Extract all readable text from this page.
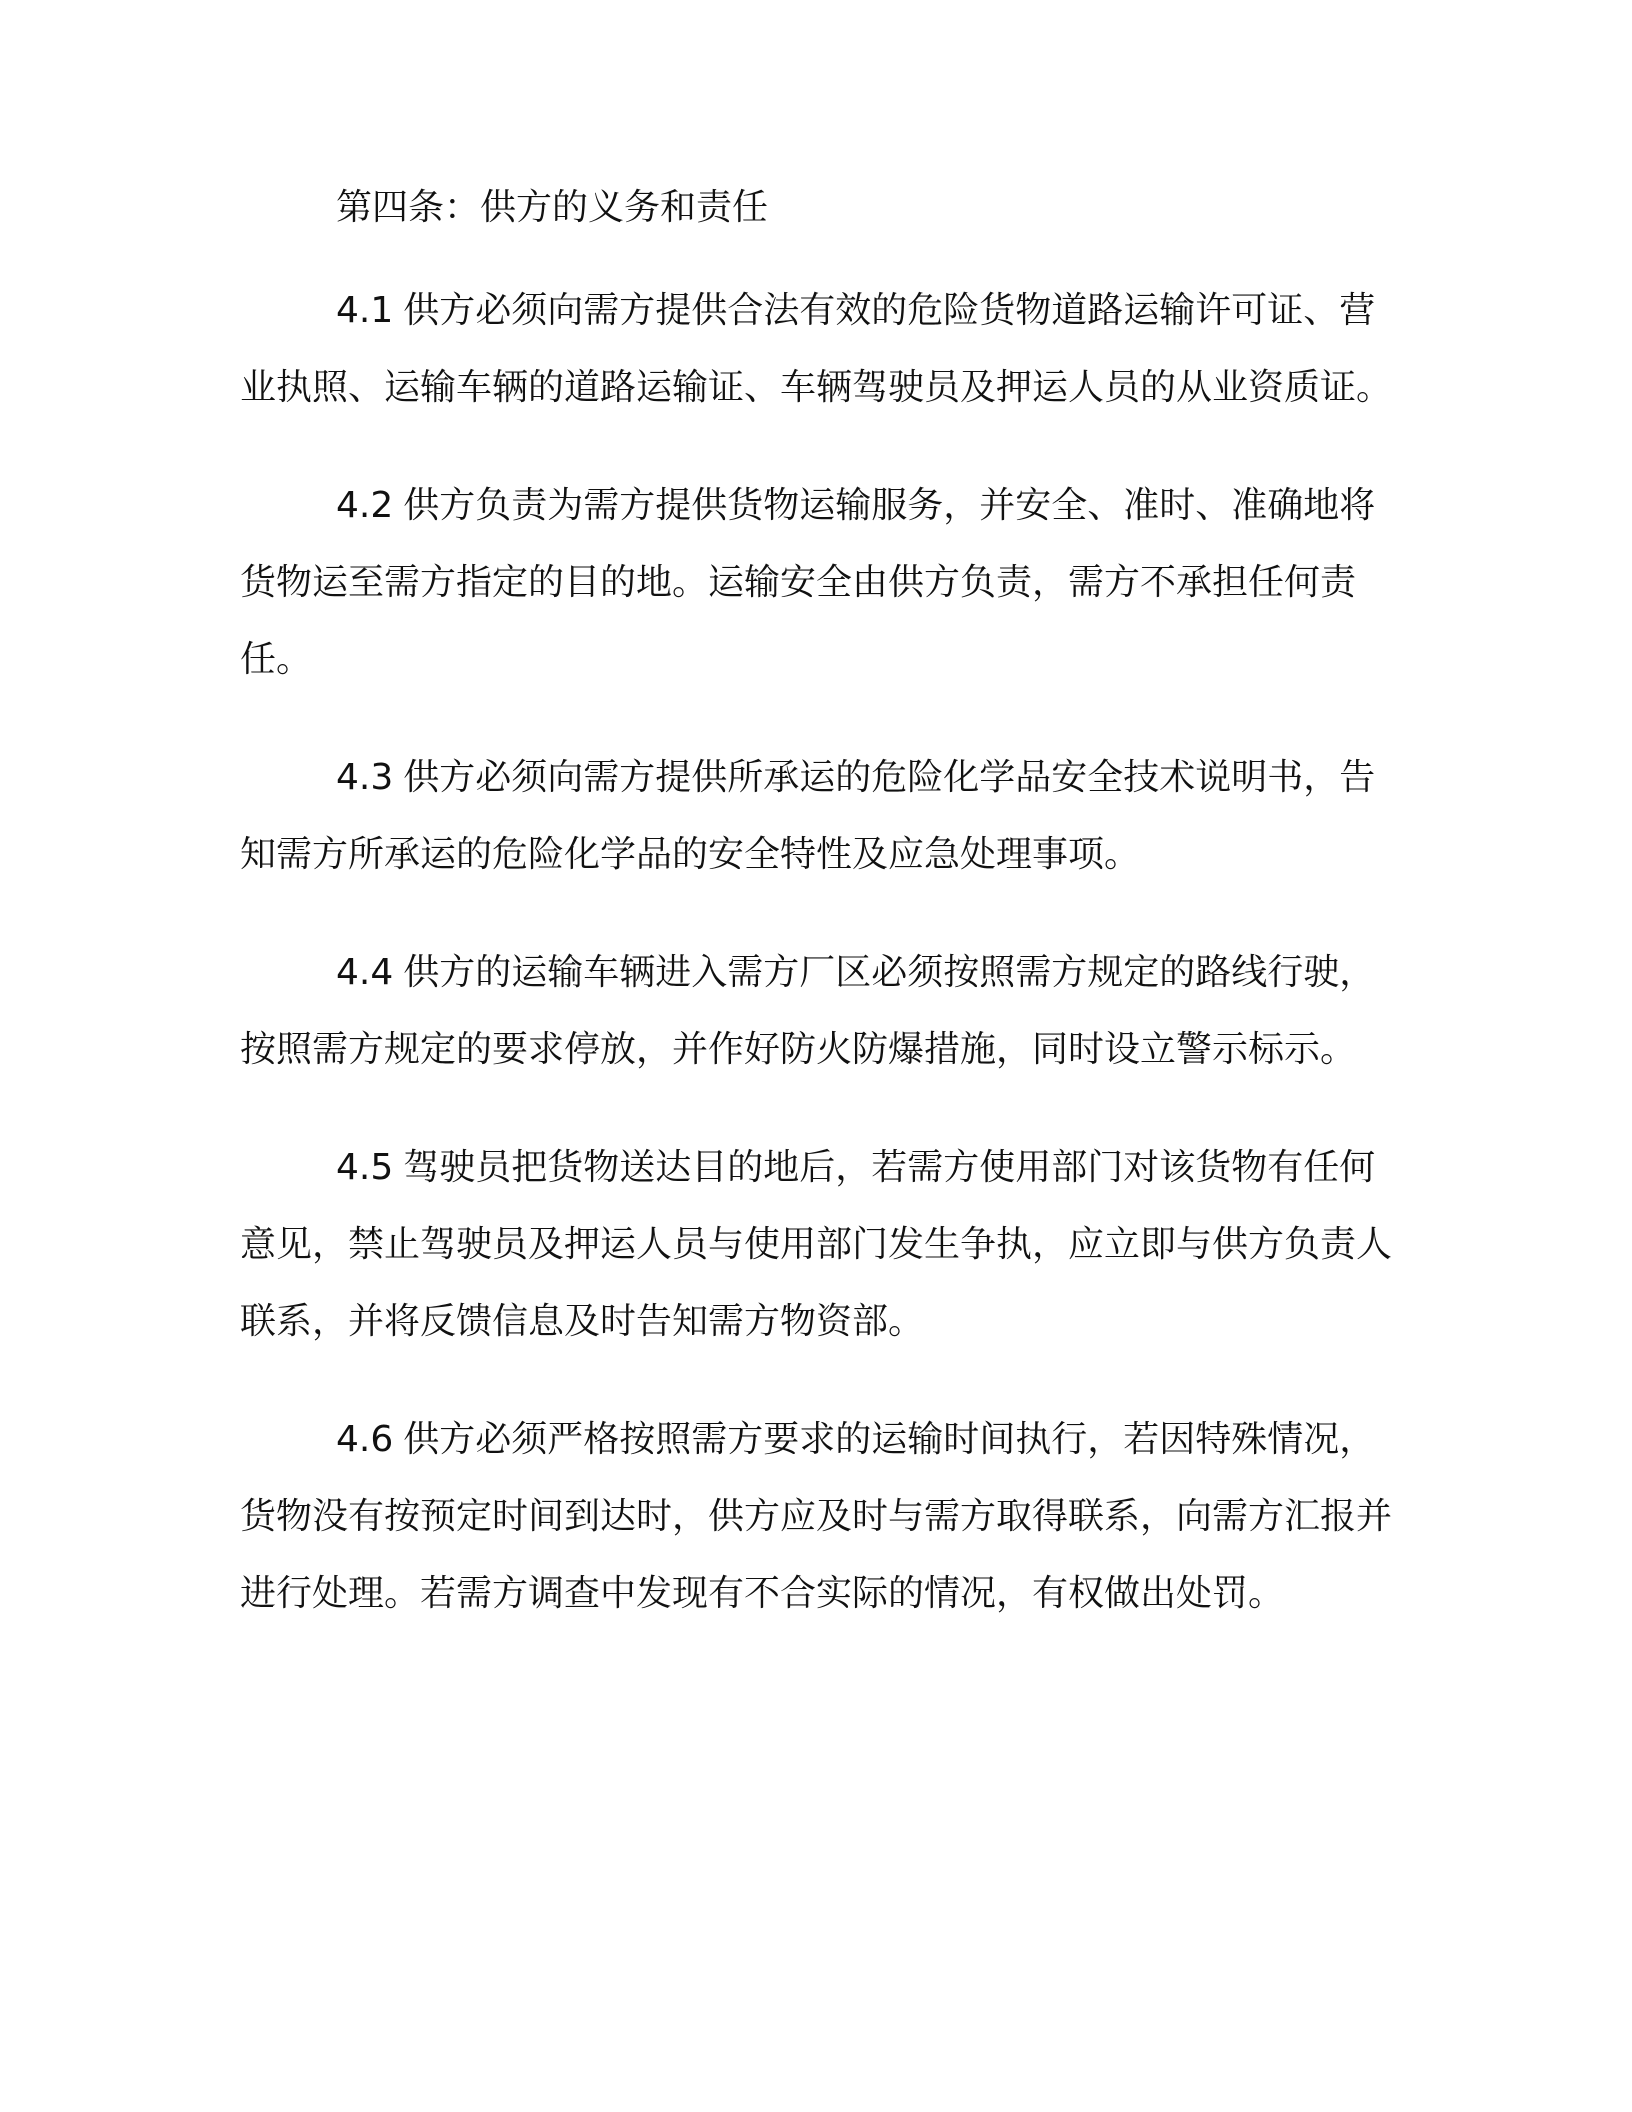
第四条：供方的义务和责任

4.1 供方必须向需方提供合法有效的危险货物道路运输许可证、营业执照、运输车辆的道路运输证、车辆驾驶员及押运人员的从业资质证。

4.2 供方负责为需方提供货物运输服务，并安全、准时、准确地将货物运至需方指定的目的地。运输安全由供方负责，需方不承担任何责任。

4.3 供方必须向需方提供所承运的危险化学品安全技术说明书，告知需方所承运的危险化学品的安全特性及应急处理事项。

4.4 供方的运输车辆进入需方厂区必须按照需方规定的路线行驶，按照需方规定的要求停放，并作好防火防爆措施，同时设立警示标示。

4.5 驾驶员把货物送达目的地后，若需方使用部门对该货物有任何意见，禁止驾驶员及押运人员与使用部门发生争执，应立即与供方负责人联系，并将反馈信息及时告知需方物资部。

4.6 供方必须严格按照需方要求的运输时间执行，若因特殊情况，货物没有按预定时间到达时，供方应及时与需方取得联系，向需方汇报并进行处理。若需方调查中发现有不合实际的情况，有权做出处罚。
